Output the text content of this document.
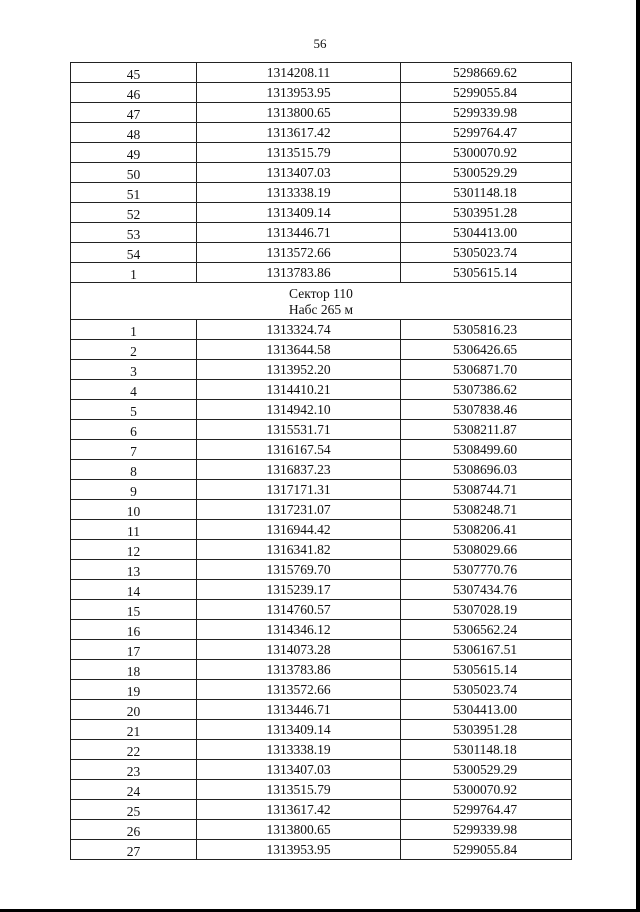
56
45	1314208.11	5298669.62
46	1313953.95	5299055.84
47	1313800.65	5299339.98
48	1313617.42	5299764.47
49	1313515.79	5300070.92
50	1313407.03	5300529.29
51	1313338.19	5301148.18
52	1313409.14	5303951.28
53	1313446.71	5304413.00
54	1313572.66	5305023.74
1	1313783.86	5305615.14
Сектор 110
Набс 265 м
1	1313324.74	5305816.23
2	1313644.58	5306426.65
3	1313952.20	5306871.70
4	1314410.21	5307386.62
5	1314942.10	5307838.46
6	1315531.71	5308211.87
7	1316167.54	5308499.60
8	1316837.23	5308696.03
9	1317171.31	5308744.71
10	1317231.07	5308248.71
11	1316944.42	5308206.41
12	1316341.82	5308029.66
13	1315769.70	5307770.76
14	1315239.17	5307434.76
15	1314760.57	5307028.19
16	1314346.12	5306562.24
17	1314073.28	5306167.51
18	1313783.86	5305615.14
19	1313572.66	5305023.74
20	1313446.71	5304413.00
21	1313409.14	5303951.28
22	1313338.19	5301148.18
23	1313407.03	5300529.29
24	1313515.79	5300070.92
25	1313617.42	5299764.47
26	1313800.65	5299339.98
27	1313953.95	5299055.84
